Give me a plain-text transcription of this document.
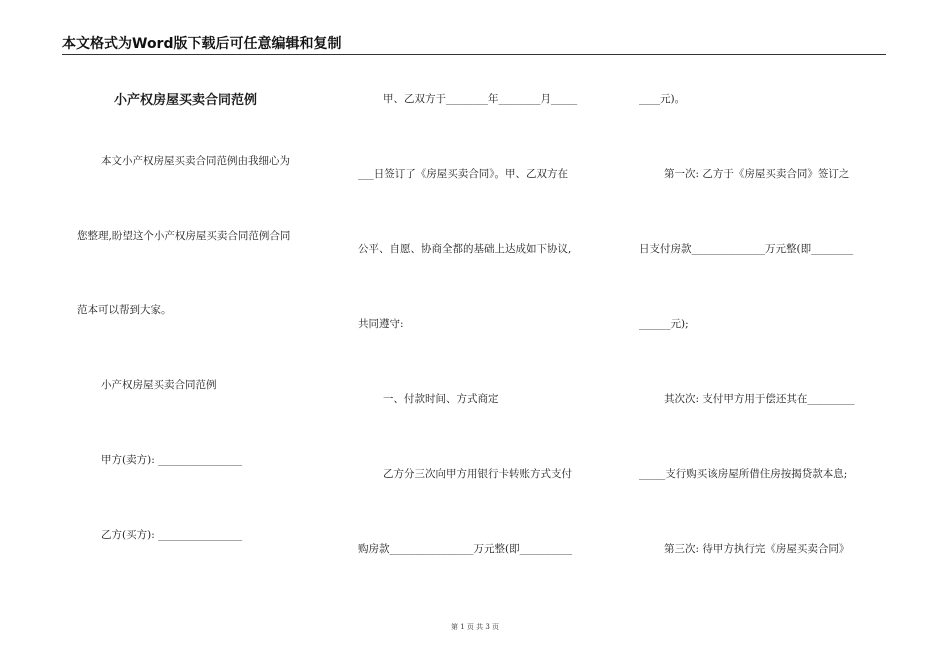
本文格式为Word版下载后可任意编辑和复制
小产权房屋买卖合同范例
本文小产权房屋买卖合同范例由我细心为
您整理,盼望这个小产权房屋买卖合同范例合同
范本可以帮到大家。
小产权房屋买卖合同范例
甲方(卖方): ________________
乙方(买方): ________________
甲、乙双方于________年________月_____
___日签订了《房屋买卖合同》。甲、乙双方在
公平、自愿、协商全都的基础上达成如下协议,
共同遵守:
一、付款时间、方式商定
乙方分三次向甲方用银行卡转账方式支付
购房款________________万元整(即__________
____元)。
第一次: 乙方于《房屋买卖合同》签订之
日支付房款______________万元整(即________
______元);
其次次: 支付甲方用于偿还其在_________
_____支行购买该房屋所借住房按揭贷款本息;
第三次: 待甲方执行完《房屋买卖合同》
第 1 页 共 3 页
